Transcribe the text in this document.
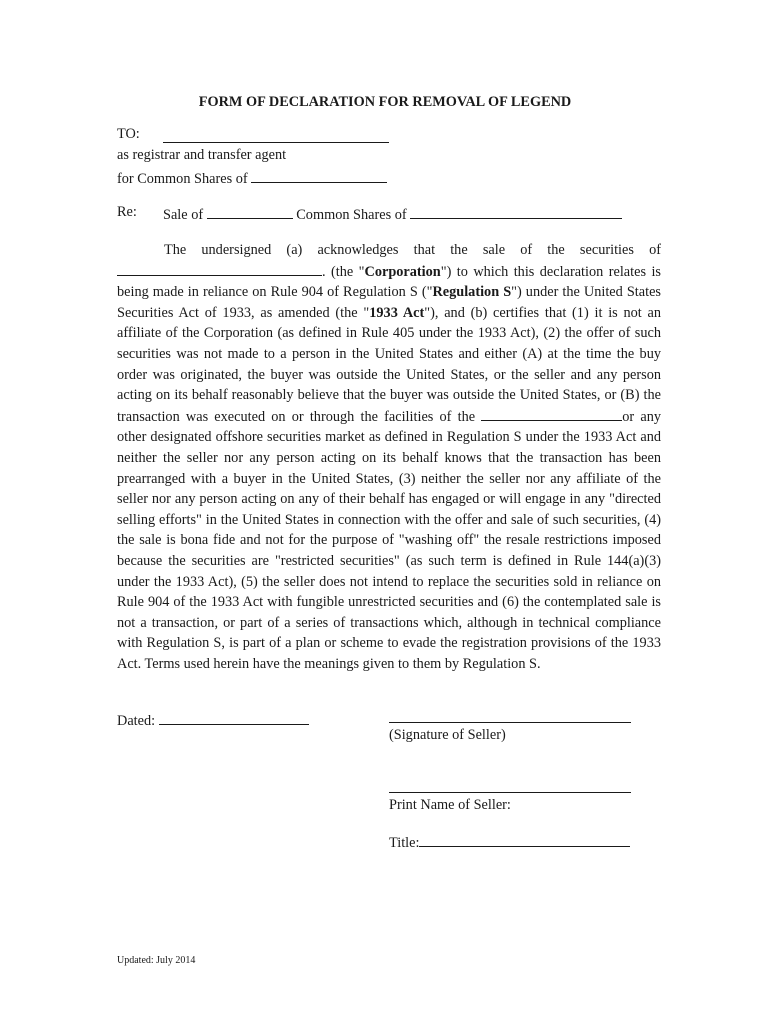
FORM OF DECLARATION FOR REMOVAL OF LEGEND
TO:
as registrar and transfer agent
for Common Shares of
Re: Sale of	Common Shares of
The undersigned (a) acknowledges that the sale of the securities of . (the "Corporation") to which this declaration relates is being made in reliance on Rule 904 of Regulation S ("Regulation S") under the United States Securities Act of 1933, as amended (the "1933 Act"), and (b) certifies that (1) it is not an affiliate of the Corporation (as defined in Rule 405 under the 1933 Act), (2) the offer of such securities was not made to a person in the United States and either (A) at the time the buy order was originated, the buyer was outside the United States, or the seller and any person acting on its behalf reasonably believe that the buyer was outside the United States, or (B) the transaction was executed on or through the facilities of the	or any other designated offshore securities market as defined in Regulation S under the 1933 Act and neither the seller nor any person acting on its behalf knows that the transaction has been prearranged with a buyer in the United States, (3) neither the seller nor any affiliate of the seller nor any person acting on any of their behalf has engaged or will engage in any "directed selling efforts" in the United States in connection with the offer and sale of such securities, (4) the sale is bona fide and not for the purpose of "washing off" the resale restrictions imposed because the securities are "restricted securities" (as such term is defined in Rule 144(a)(3) under the 1933 Act), (5) the seller does not intend to replace the securities sold in reliance on Rule 904 of the 1933 Act with fungible unrestricted securities and (6) the contemplated sale is not a transaction, or part of a series of transactions which, although in technical compliance with Regulation S, is part of a plan or scheme to evade the registration provisions of the 1933 Act. Terms used herein have the meanings given to them by Regulation S.
Dated:
(Signature of Seller)
Print Name of Seller:
Title:
Updated: July 2014
